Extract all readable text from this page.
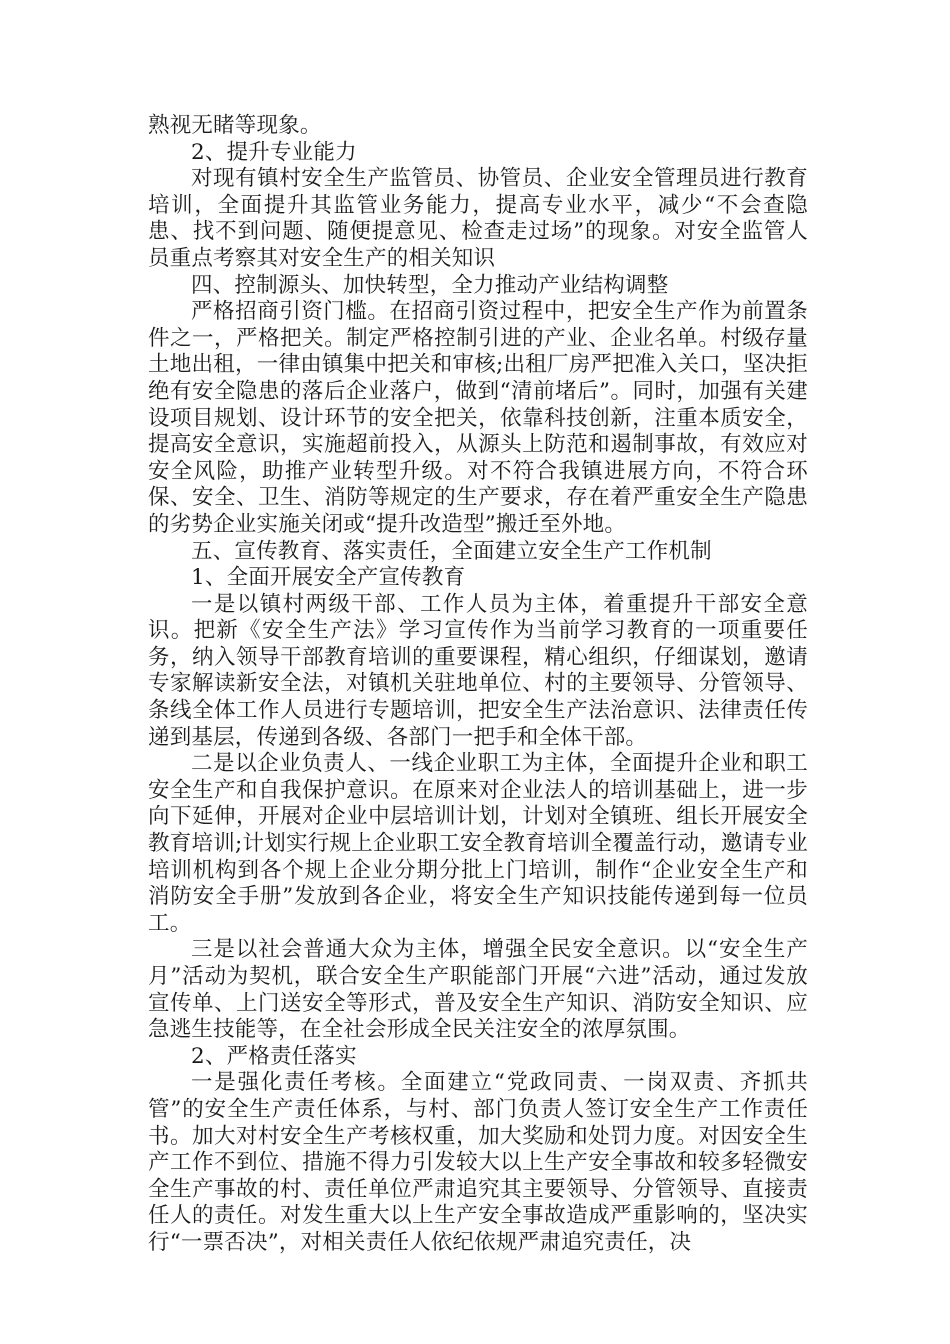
熟视无睹等现象。

2、提升专业能力

对现有镇村安全生产监管员、协管员、企业安全管理员进行教育培训，全面提升其监管业务能力，提高专业水平，减少“不会查隐患、找不到问题、随便提意见、检查走过场”的现象。对安全监管人员重点考察其对安全生产的相关知识

四、控制源头、加快转型，全力推动产业结构调整

严格招商引资门槛。在招商引资过程中，把安全生产作为前置条件之一，严格把关。制定严格控制引进的产业、企业名单。村级存量土地出租，一律由镇集中把关和审核;出租厂房严把准入关口，坚决拒绝有安全隐患的落后企业落户，做到“清前堵后”。同时，加强有关建设项目规划、设计环节的安全把关，依靠科技创新，注重本质安全，提高安全意识，实施超前投入，从源头上防范和遏制事故，有效应对安全风险，助推产业转型升级。对不符合我镇进展方向，不符合环保、安全、卫生、消防等规定的生产要求，存在着严重安全生产隐患的劣势企业实施关闭或“提升改造型”搬迁至外地。

五、宣传教育、落实责任，全面建立安全生产工作机制

1、全面开展安全产宣传教育

一是以镇村两级干部、工作人员为主体，着重提升干部安全意识。把新《安全生产法》学习宣传作为当前学习教育的一项重要任务，纳入领导干部教育培训的重要课程，精心组织，仔细谋划，邀请专家解读新安全法，对镇机关驻地单位、村的主要领导、分管领导、条线全体工作人员进行专题培训，把安全生产法治意识、法律责任传递到基层，传递到各级、各部门一把手和全体干部。

二是以企业负责人、一线企业职工为主体，全面提升企业和职工安全生产和自我保护意识。在原来对企业法人的培训基础上，进一步向下延伸，开展对企业中层培训计划，计划对全镇班、组长开展安全教育培训;计划实行规上企业职工安全教育培训全覆盖行动，邀请专业培训机构到各个规上企业分期分批上门培训，制作“企业安全生产和消防安全手册”发放到各企业，将安全生产知识技能传递到每一位员工。

三是以社会普通大众为主体，增强全民安全意识。以“安全生产月”活动为契机，联合安全生产职能部门开展“六进”活动，通过发放宣传单、上门送安全等形式，普及安全生产知识、消防安全知识、应急逃生技能等，在全社会形成全民关注安全的浓厚氛围。

2、严格责任落实

一是强化责任考核。全面建立“党政同责、一岗双责、齐抓共管”的安全生产责任体系，与村、部门负责人签订安全生产工作责任书。加大对村安全生产考核权重，加大奖励和处罚力度。对因安全生产工作不到位、措施不得力引发较大以上生产安全事故和较多轻微安全生产事故的村、责任单位严肃追究其主要领导、分管领导、直接责任人的责任。对发生重大以上生产安全事故造成严重影响的，坚决实行“一票否决”，对相关责任人依纪依规严肃追究责任，决
